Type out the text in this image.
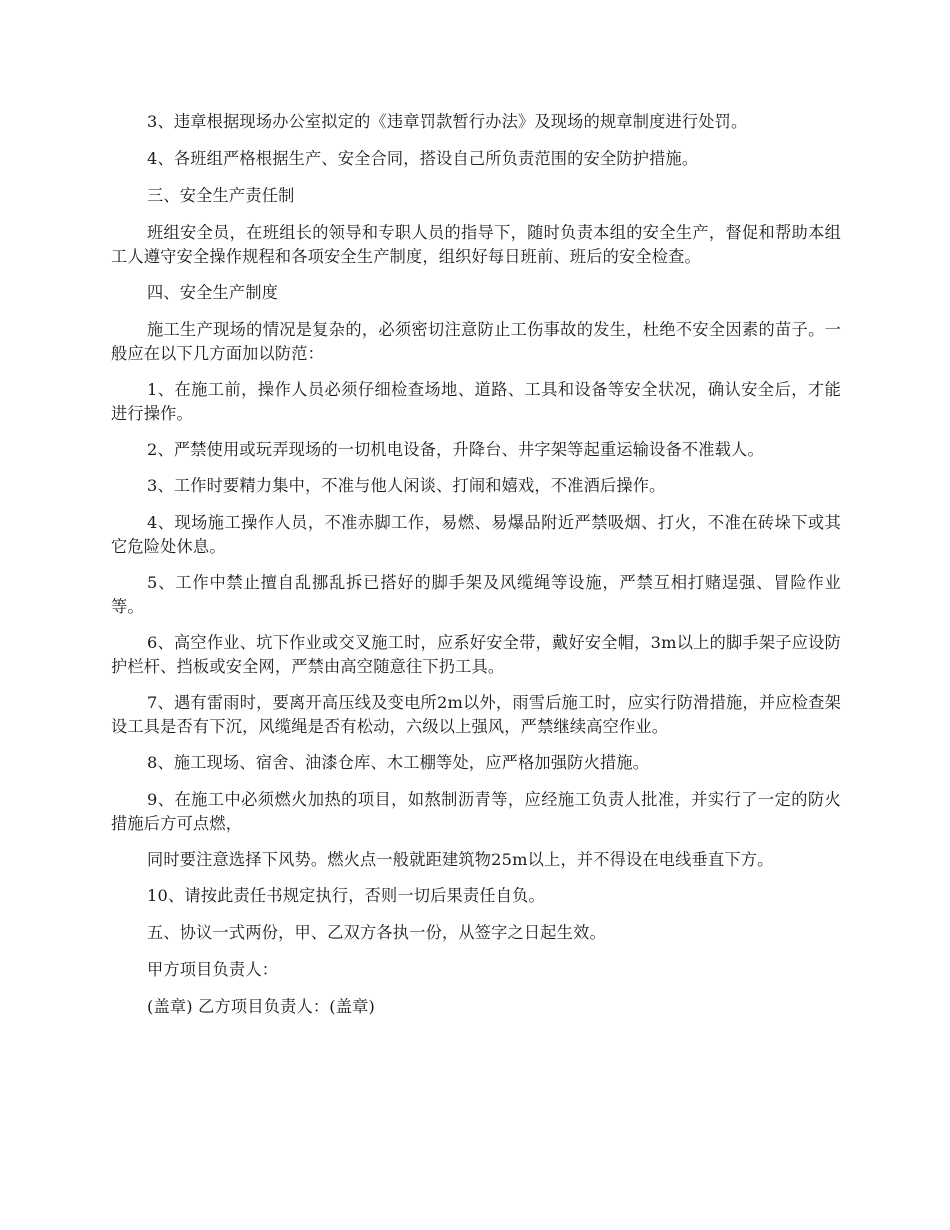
3、违章根据现场办公室拟定的《违章罚款暂行办法》及现场的规章制度进行处罚。

4、各班组严格根据生产、安全合同，搭设自己所负责范围的安全防护措施。

三、安全生产责任制

班组安全员，在班组长的领导和专职人员的指导下，随时负责本组的安全生产，督促和帮助本组工人遵守安全操作规程和各项安全生产制度，组织好每日班前、班后的安全检查。

四、安全生产制度

施工生产现场的情况是复杂的，必须密切注意防止工伤事故的发生，杜绝不安全因素的苗子。一般应在以下几方面加以防范：

1、在施工前，操作人员必须仔细检查场地、道路、工具和设备等安全状况，确认安全后，才能进行操作。

2、严禁使用或玩弄现场的一切机电设备，升降台、井字架等起重运输设备不准载人。

3、工作时要精力集中，不准与他人闲谈、打闹和嬉戏，不准酒后操作。

4、现场施工操作人员，不准赤脚工作，易燃、易爆品附近严禁吸烟、打火，不准在砖垛下或其它危险处休息。

5、工作中禁止擅自乱挪乱拆已搭好的脚手架及风缆绳等设施，严禁互相打赌逞强、冒险作业等。

6、高空作业、坑下作业或交叉施工时，应系好安全带，戴好安全帽，3m以上的脚手架子应设防护栏杆、挡板或安全网，严禁由高空随意往下扔工具。

7、遇有雷雨时，要离开高压线及变电所2m以外，雨雪后施工时，应实行防滑措施，并应检查架设工具是否有下沉，风缆绳是否有松动，六级以上强风，严禁继续高空作业。

8、施工现场、宿舍、油漆仓库、木工棚等处，应严格加强防火措施。

9、在施工中必须燃火加热的项目，如熬制沥青等，应经施工负责人批准，并实行了一定的防火措施后方可点燃，

同时要注意选择下风势。燃火点一般就距建筑物25m以上，并不得设在电线垂直下方。

10、请按此责任书规定执行，否则一切后果责任自负。

五、协议一式两份，甲、乙双方各执一份，从签字之日起生效。

甲方项目负责人：

(盖章) 乙方项目负责人：(盖章)
